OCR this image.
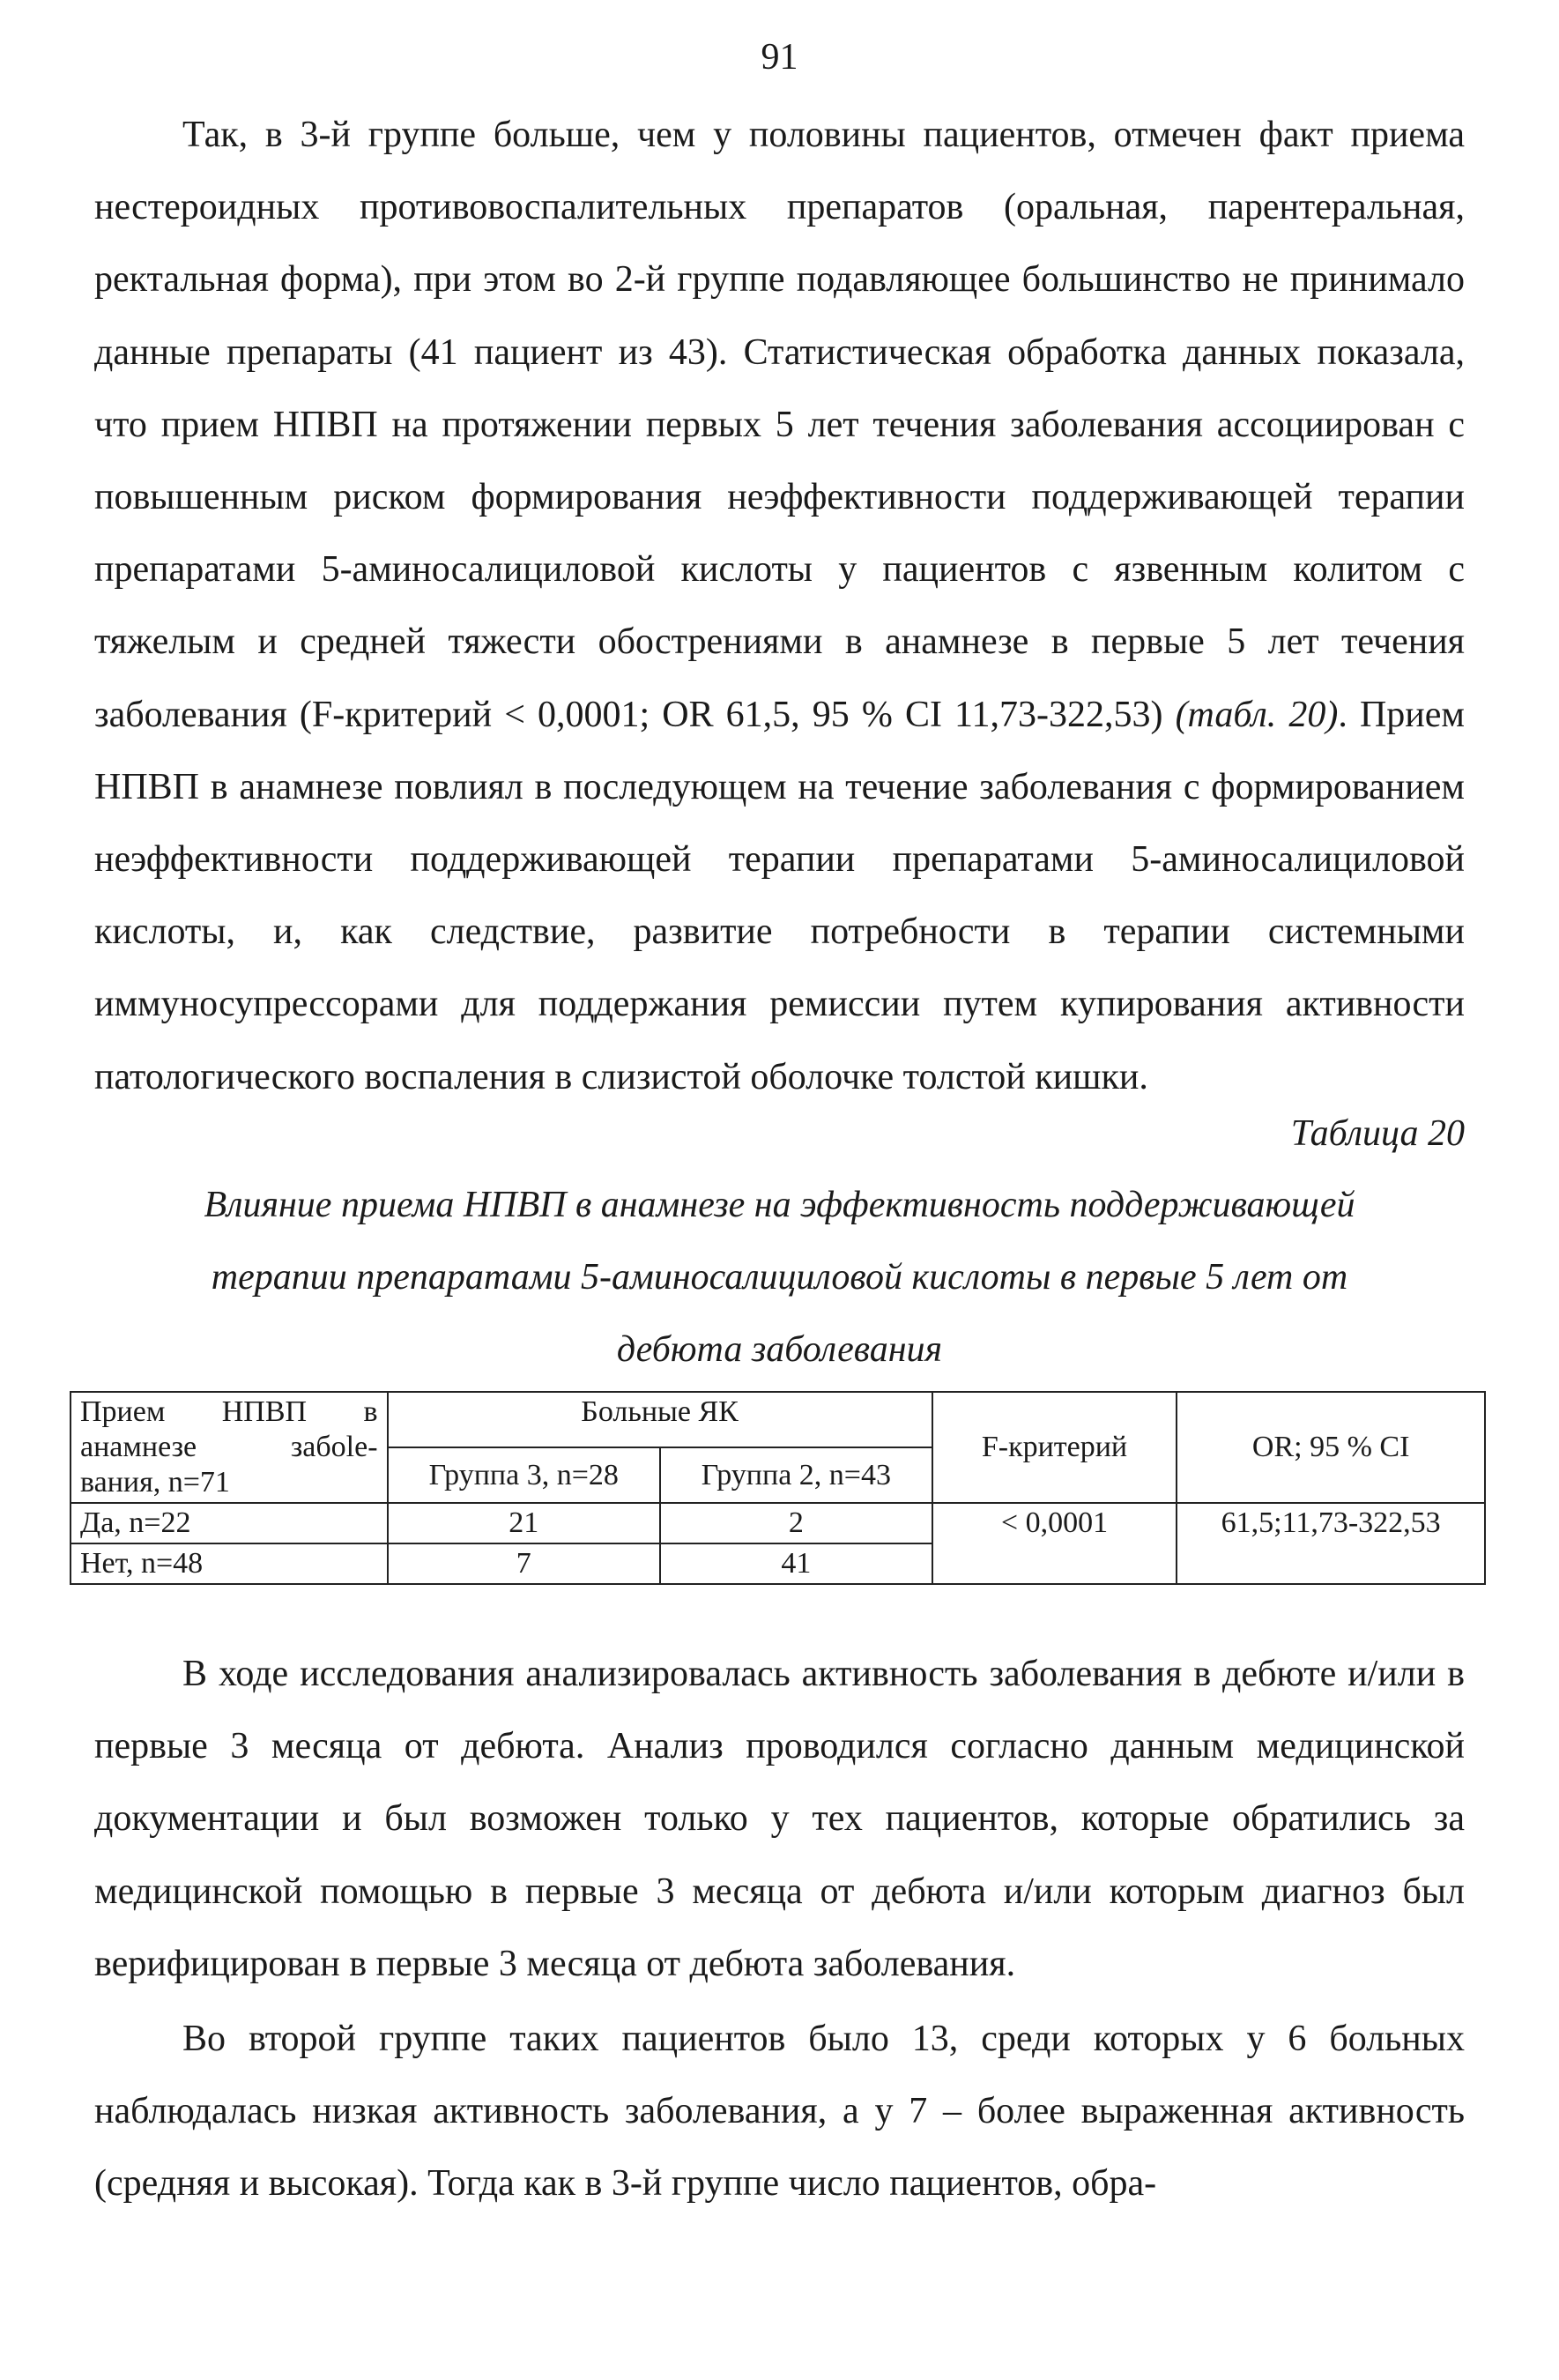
91

Так, в 3-й группе больше, чем у половины пациентов, отмечен факт приема нестероидных противовоспалительных препаратов (оральная, парентеральная, ректальная форма), при этом во 2-й группе подавляющее большинство не принимало данные препараты (41 пациент из 43). Статистическая обработка данных показала, что прием НПВП на протяжении первых 5 лет течения заболевания ассоциирован с повышенным риском формирования неэффективности поддерживающей терапии препаратами 5-аминосалициловой кислоты у пациентов с язвенным колитом с тяжелым и средней тяжести обострениями в анамнезе в первые 5 лет течения заболевания (F-критерий < 0,0001; OR 61,5, 95 % CI 11,73-322,53) (табл. 20). Прием НПВП в анамнезе повлиял в последующем на течение заболевания с формированием неэффективности поддерживающей терапии препаратами 5-аминосалициловой кислоты, и, как следствие, развитие потребности в терапии системными иммуносупрессорами для поддержания ремиссии путем купирования активности патологического воспаления в слизистой оболочке толстой кишки.

Таблица 20
Влияние приема НПВП в анамнезе на эффективность поддерживающей
терапии препаратами 5-аминосалициловой кислоты в первые 5 лет от
дебюта заболевания
Прием НПВП в
анамнезе забole-
вания, n=71	Больные ЯК		F-критерий	OR; 95 % CI
	Группа 3, n=28	Группа 2, n=43		
Да, n=22	21	2	< 0,0001	61,5;11,73-322,53
Нет, n=48	7	41		

В ходе исследования анализировалась активность заболевания в дебюте и/или в первые 3 месяца от дебюта. Анализ проводился согласно данным медицинской документации и был возможен только у тех пациентов, которые обратились за медицинской помощью в первые 3 месяца от дебюта и/или которым диагноз был верифицирован в первые 3 месяца от дебюта заболевания.

Во второй группе таких пациентов было 13, среди которых у 6 больных наблюдалась низкая активность заболевания, а у 7 – более выраженная активность (средняя и высокая). Тогда как в 3-й группе число пациентов, обра-
